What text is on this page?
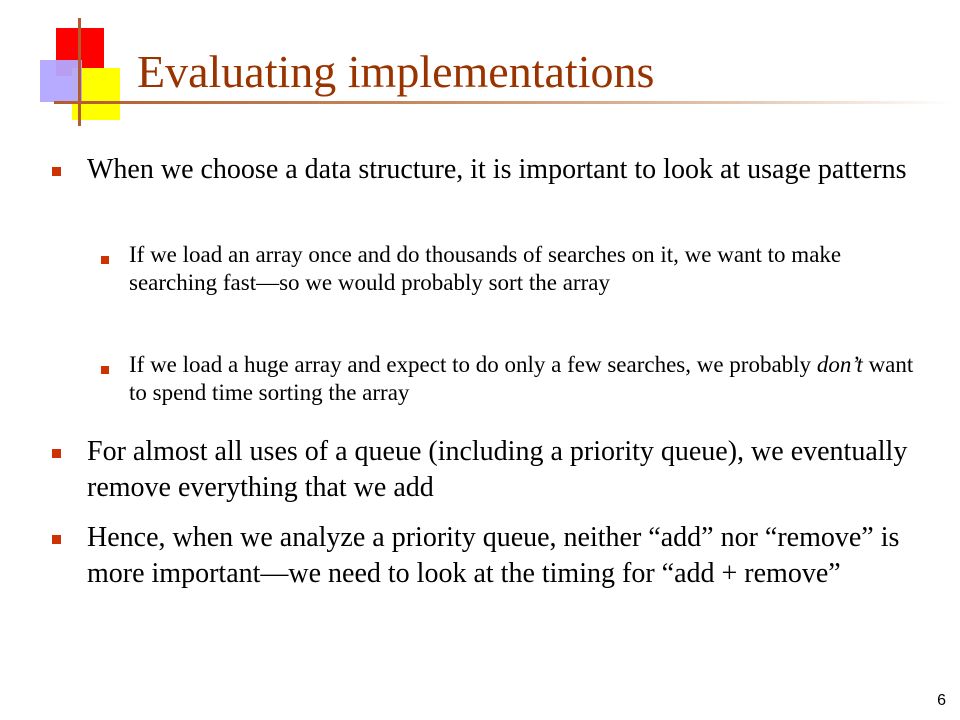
Evaluating implementations
When we choose a data structure, it is important to look at usage patterns
If we load an array once and do thousands of searches on it, we want to make searching fast—so we would probably sort the array
If we load a huge array and expect to do only a few searches, we probably don’t want to spend time sorting the array
For almost all uses of a queue (including a priority queue), we eventually remove everything that we add
Hence, when we analyze a priority queue, neither “add” nor “remove” is more important—we need to look at the timing for “add + remove”
6
